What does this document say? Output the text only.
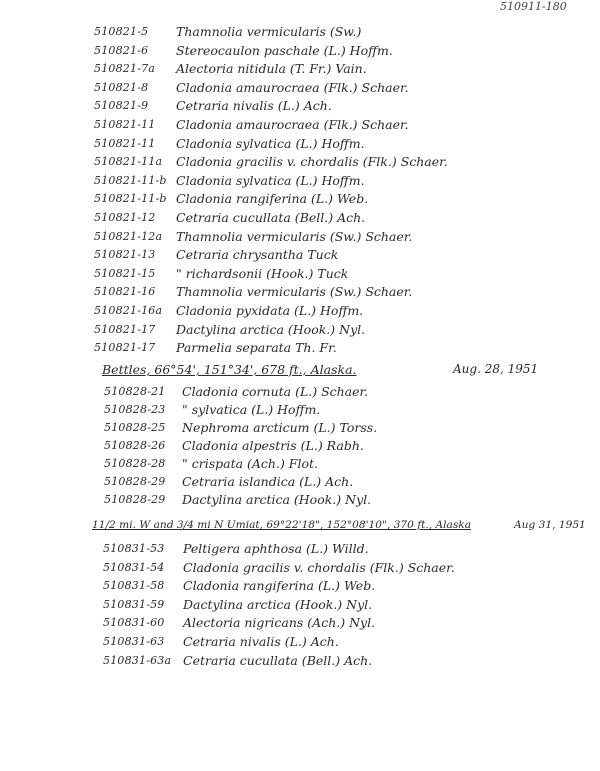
510911-180
510821-5 Thamnolia vermicularis (Sw.)
510821-6 Stereocaulon paschale (L.) Hoffm.
510821-7a Alectoria nitidula (T. Fr.) Vain.
510821-8 Cladonia amaurocraea (Flk.) Schaer.
510821-9 Cetraria nivalis (L.) Ach.
510821-11 Cladonia amaurocraea (Flk.) Schaer.
510821-11 Cladonia sylvatica (L.) Hoffm.
510821-11a Cladonia gracilis v. chordalis (Flk.) Schaer.
510821-11-b Cladonia sylvatica (L.) Hoffm.
510821-11-b Cladonia rangiferina (L.) Web.
510821-12 Cetraria cucullata (Bell.) Ach.
510821-12a Thamnolia vermicularis (Sw.) Schaer.
510821-13 Cetraria chrysantha Tuck
510821-15 " richardsonii (Hook.) Tuck
510821-16 Thamnolia vermicularis (Sw.) Schaer.
510821-16a Cladonia pyxidata (L.) Hoffm.
510821-17 Dactylina arctica (Hook.) Nyl.
510821-17 Parmelia separata Th. Fr.
Bettles, 66°54', 151°34', 678 ft., Alaska.	Aug. 28, 1951
510828-21 Cladonia cornuta (L.) Schaer.
510828-23 " sylvatica (L.) Hoffm.
510828-25 Nephroma arcticum (L.) Torss.
510828-26 Cladonia alpestris (L.) Rabh.
510828-28 " crispata (Ach.) Flot.
510828-29 Cetraria islandica (L.) Ach.
510828-29 Dactylina arctica (Hook.) Nyl.
11/2 mi. W and 3/4 mi N Umiat, 69°22'18", 152°08'10", 370 ft., Alaska	Aug 31, 1951
510831-53 Peltigera aphthosa (L.) Willd.
510831-54 Cladonia gracilis v. chordalis (Flk.) Schaer.
510831-58 Cladonia rangiferina (L.) Web.
510831-59 Dactylina arctica (Hook.) Nyl.
510831-60 Alectoria nigricans (Ach.) Nyl.
510831-63 Cetraria nivalis (L.) Ach.
510831-63a Cetraria cucullata (Bell.) Ach.
